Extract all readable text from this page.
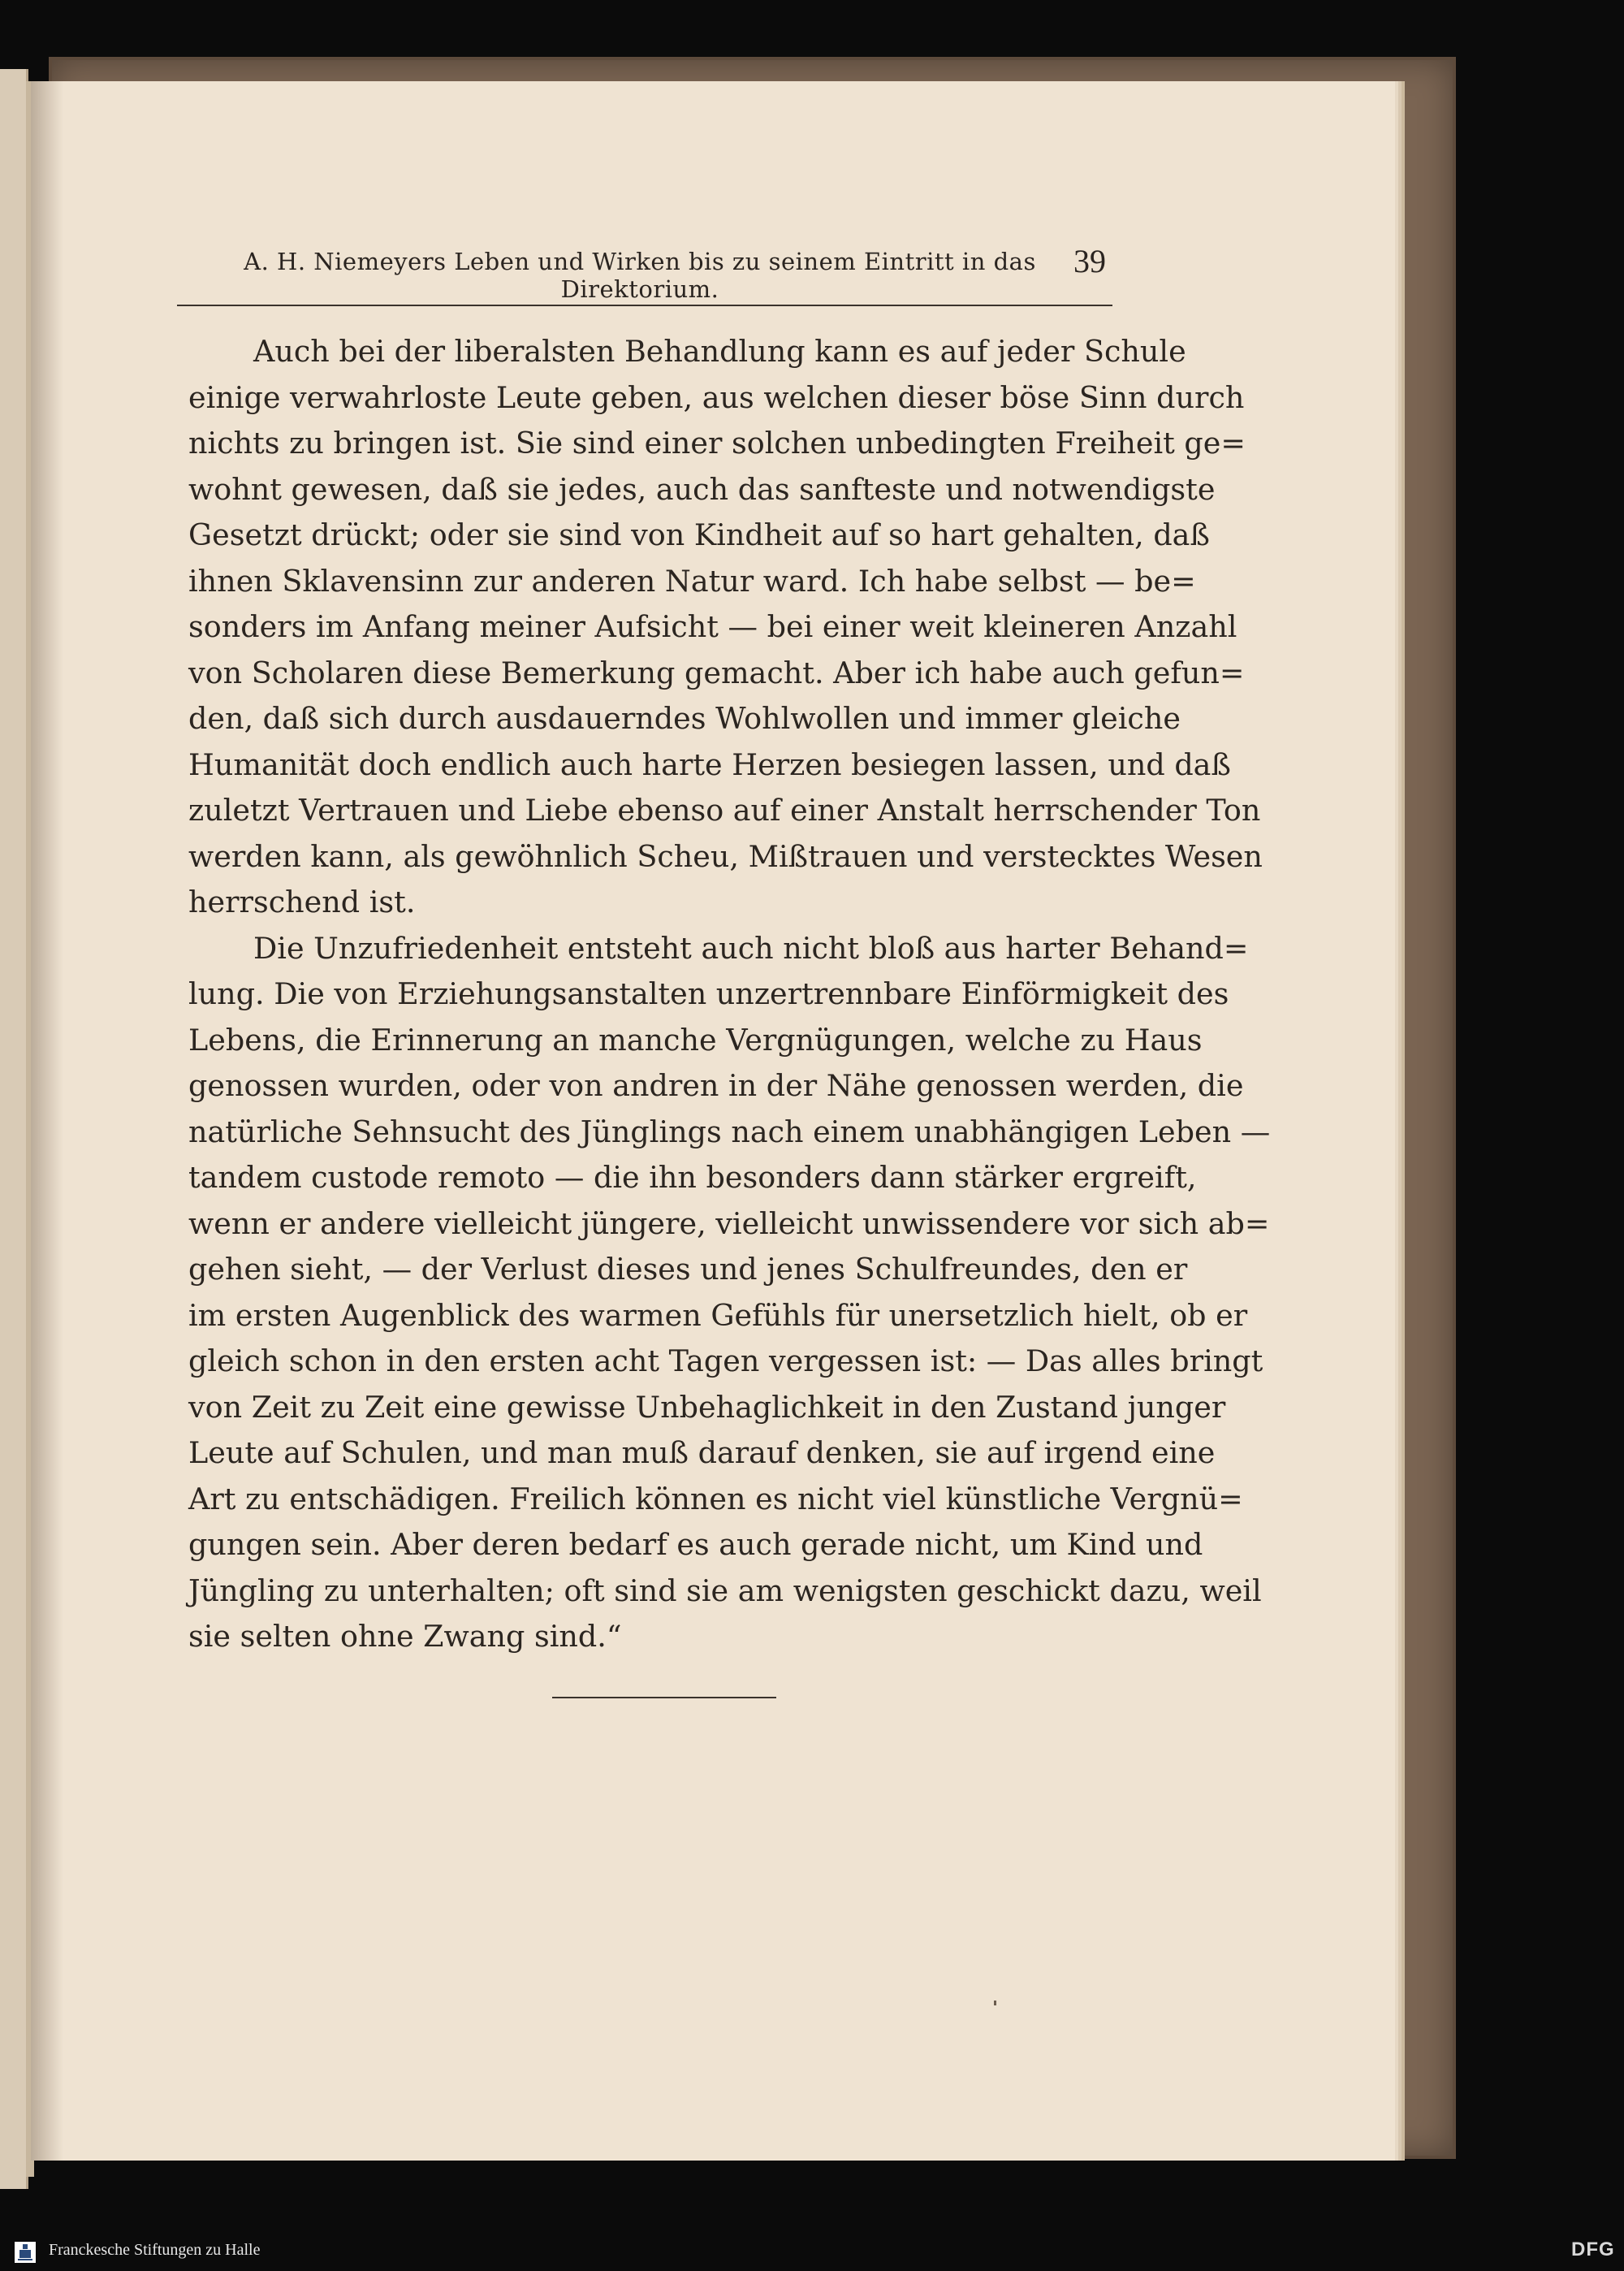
A. H. Niemeyers Leben und Wirken bis zu seinem Eintritt in das Direktorium.
39
Auch bei der liberalsten Behandlung kann es auf jeder Schule
einige verwahrloste Leute geben, aus welchen dieser böse Sinn durch
nichts zu bringen ist. Sie sind einer solchen unbedingten Freiheit ge=
wohnt gewesen, daß sie jedes, auch das sanfteste und notwendigste
Gesetzt drückt; oder sie sind von Kindheit auf so hart gehalten, daß
ihnen Sklavensinn zur anderen Natur ward. Ich habe selbst — be=
sonders im Anfang meiner Aufsicht — bei einer weit kleineren Anzahl
von Scholaren diese Bemerkung gemacht. Aber ich habe auch gefun=
den, daß sich durch ausdauerndes Wohlwollen und immer gleiche
Humanität doch endlich auch harte Herzen besiegen lassen, und daß
zuletzt Vertrauen und Liebe ebenso auf einer Anstalt herrschender Ton
werden kann, als gewöhnlich Scheu, Mißtrauen und verstecktes Wesen
herrschend ist.
Die Unzufriedenheit entsteht auch nicht bloß aus harter Behand=
lung. Die von Erziehungsanstalten unzertrennbare Einförmigkeit des
Lebens, die Erinnerung an manche Vergnügungen, welche zu Haus
genossen wurden, oder von andren in der Nähe genossen werden, die
natürliche Sehnsucht des Jünglings nach einem unabhängigen Leben —
tandem custode remoto — die ihn besonders dann stärker ergreift,
wenn er andere vielleicht jüngere, vielleicht unwissendere vor sich ab=
gehen sieht, — der Verlust dieses und jenes Schulfreundes, den er
im ersten Augenblick des warmen Gefühls für unersetzlich hielt, ob er
gleich schon in den ersten acht Tagen vergessen ist: — Das alles bringt
von Zeit zu Zeit eine gewisse Unbehaglichkeit in den Zustand junger
Leute auf Schulen, und man muß darauf denken, sie auf irgend eine
Art zu entschädigen. Freilich können es nicht viel künstliche Vergnü=
gungen sein. Aber deren bedarf es auch gerade nicht, um Kind und
Jüngling zu unterhalten; oft sind sie am wenigsten geschickt dazu, weil
sie selten ohne Zwang sind.“
Franckesche Stiftungen zu Halle	DFG
